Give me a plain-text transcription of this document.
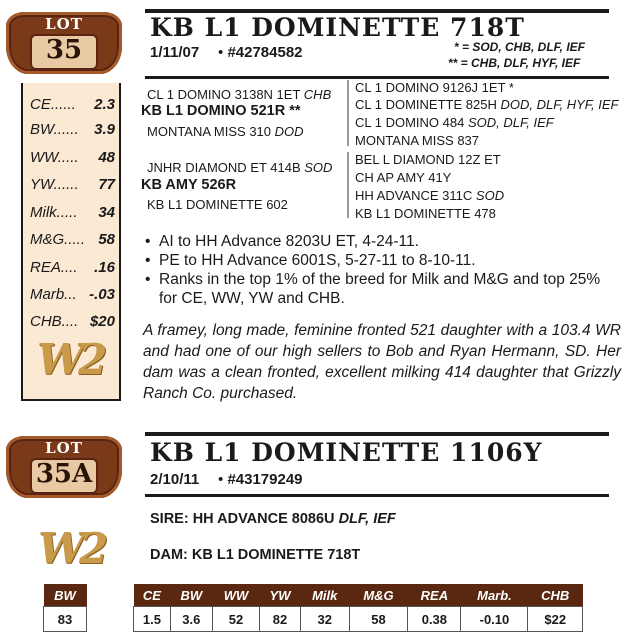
CE...... 2.3
BW...... 3.9
WW..... 48
YW...... 77
Milk..... 34
M&G..... 58
REA.... .16
Marb... -.03
CHB.... $20
W2
LOT
35
KB L1 DOMINETTE 718T
1/11/07 • #42784582	* = SOD, CHB, DLF, IEF
** = CHB, DLF, HYF, IEF
CL 1 DOMINO 3138N 1ET CHB
KB L1 DOMINO 521R **
MONTANA MISS 310 DOD
JNHR DIAMOND ET 414B SOD
KB AMY 526R
KB L1 DOMINETTE 602
CL 1 DOMINO 9126J 1ET *
CL 1 DOMINETTE 825H DOD, DLF, HYF, IEF
CL 1 DOMINO 484 SOD, DLF, IEF
MONTANA MISS 837
BEL L DIAMOND 12Z ET
CH AP AMY 41Y
HH ADVANCE 311C SOD
KB L1 DOMINETTE 478
• AI to HH Advance 8203U ET, 4-24-11.
• PE to HH Advance 6001S, 5-27-11 to 8-10-11.
• Ranks in the top 1% of the breed for Milk and M&G and top 25% for CE, WW, YW and CHB.
A framey, long made, feminine fronted 521 daughter with a 103.4 WR and had one of our high sellers to Bob and Ryan Hermann, SD. Her dam was a clean fronted, excellent milking 414 daughter that Grizzly Ranch Co. purchased.
LOT
35A
KB L1 DOMINETTE 1106Y
2/10/11 • #43179249
SIRE: HH ADVANCE 8086U DLF, IEF
DAM: KB L1 DOMINETTE 718T
W2
BW
83
CE	BW	WW	YW	Milk	M&G	REA	Marb.	CHB
1.5	3.6	52	82	32	58	0.38	-0.10	$22
